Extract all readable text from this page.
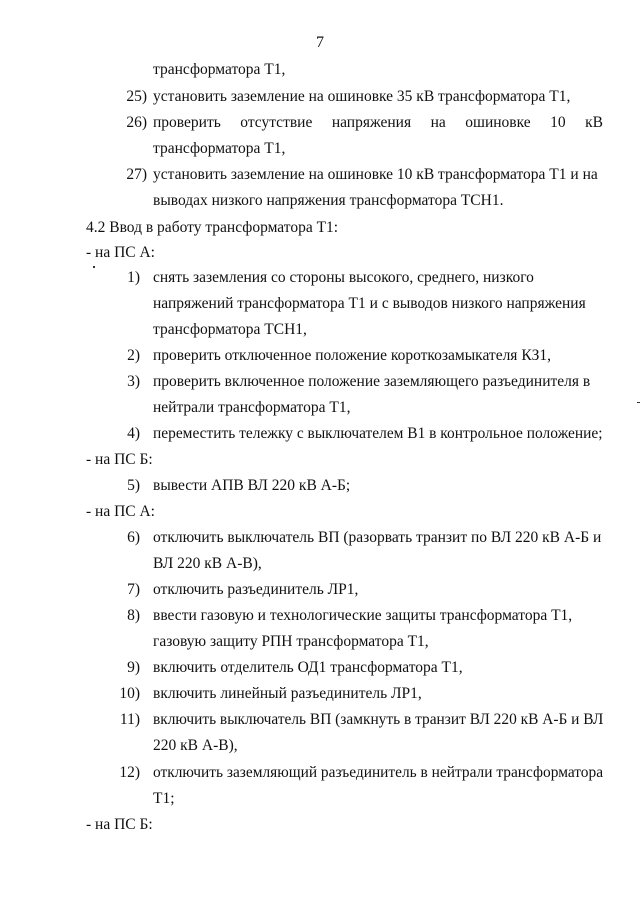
7
трансформатора Т1,
25) установить заземление на ошиновке 35 кВ трансформатора Т1,
26) проверить отсутствие напряжения на ошиновке 10 кВ
трансформатора Т1,
27) установить заземление на ошиновке 10 кВ трансформатора Т1 и на
выводах низкого напряжения трансформатора ТСН1.
4.2 Ввод в работу трансформатора Т1:
- на ПС А:
1) снять заземления со стороны высокого, среднего, низкого
напряжений трансформатора Т1 и с выводов низкого напряжения
трансформатора ТСН1,
2) проверить отключенное положение короткозамыкателя КЗ1,
3) проверить включенное положение заземляющего разъединителя в
нейтрали трансформатора Т1,
4) переместить тележку с выключателем В1 в контрольное положение;
- на ПС Б:
5) вывести АПВ ВЛ 220 кВ А-Б;
- на ПС А:
6) отключить выключатель ВП (разорвать транзит по ВЛ 220 кВ А-Б и
ВЛ 220 кВ А-В),
7) отключить разъединитель ЛР1,
8) ввести газовую и технологические защиты трансформатора Т1,
газовую защиту РПН трансформатора Т1,
9) включить отделитель ОД1 трансформатора Т1,
10) включить линейный разъединитель ЛР1,
11) включить выключатель ВП (замкнуть в транзит ВЛ 220 кВ А-Б и ВЛ
220 кВ А-В),
12) отключить заземляющий разъединитель в нейтрали трансформатора
Т1;
- на ПС Б:
